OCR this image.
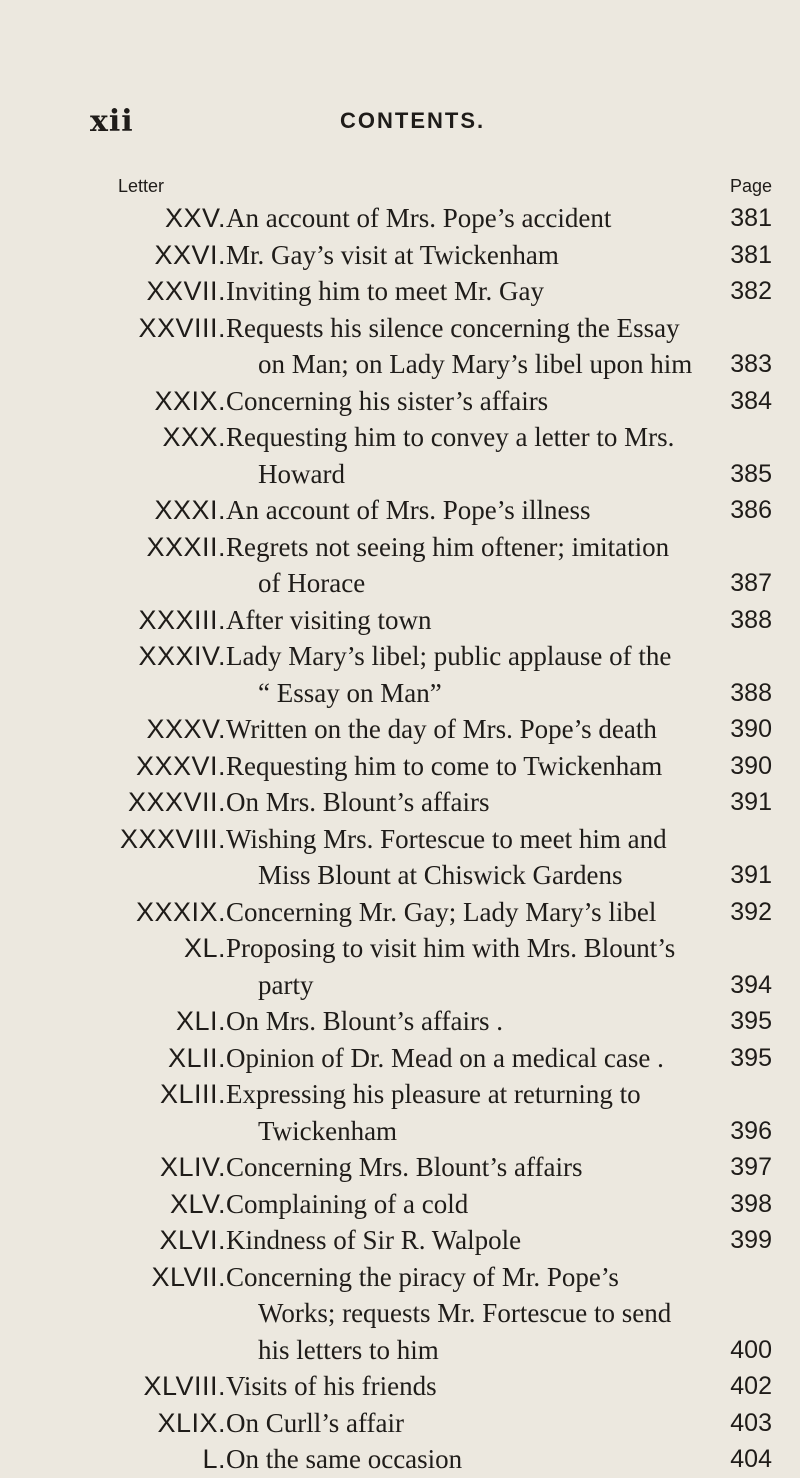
xii	CONTENTS.
Letter	Page
XXV. An account of Mrs. Pope’s accident	381
XXVI. Mr. Gay’s visit at Twickenham	381
XXVII. Inviting him to meet Mr. Gay	382
XXVIII. Requests his silence concerning the Essay
on Man; on Lady Mary’s libel upon him 383
XXIX. Concerning his sister’s affairs	384
XXX. Requesting him to convey a letter to Mrs.
Howard	385
XXXI. An account of Mrs. Pope’s illness	386
XXXII. Regrets not seeing him oftener; imitation
of Horace	387
XXXIII. After visiting town	388
XXXIV. Lady Mary’s libel; public applause of the
“ Essay on Man”	388
XXXV. Written on the day of Mrs. Pope’s death	390
XXXVI. Requesting him to come to Twickenham	390
XXXVII. On Mrs. Blount’s affairs	391
XXXVIII. Wishing Mrs. Fortescue to meet him and
Miss Blount at Chiswick Gardens	391
XXXIX. Concerning Mr. Gay; Lady Mary’s libel	392
XL. Proposing to visit him with Mrs. Blount’s
party	394
XLI. On Mrs. Blount’s affairs .	395
XLII. Opinion of Dr. Mead on a medical case .	395
XLIII. Expressing his pleasure at returning to
Twickenham	396
XLIV. Concerning Mrs. Blount’s affairs	397
XLV. Complaining of a cold	398
XLVI. Kindness of Sir R. Walpole	399
XLVII. Concerning the piracy of Mr. Pope’s
Works; requests Mr. Fortescue to send
his letters to him	400
XLVIII. Visits of his friends	402
XLIX. On Curll’s affair	403
L. On the same occasion	404
